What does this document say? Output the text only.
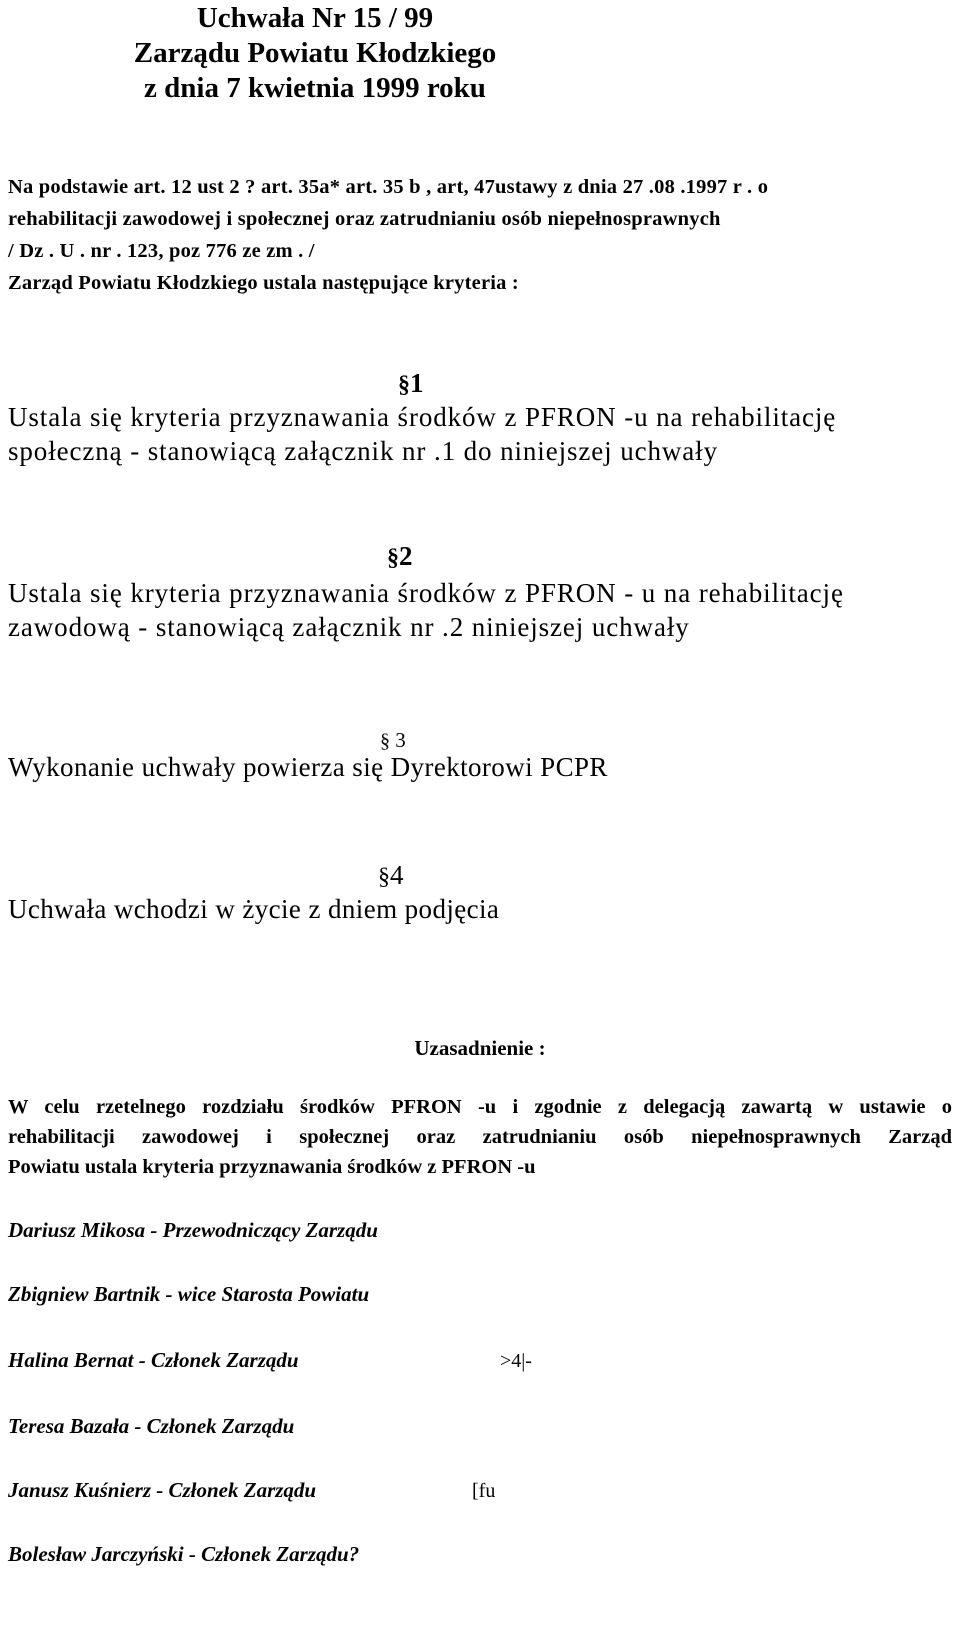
Uchwała Nr 15 / 99

Zarządu Powiatu Kłodzkiego

z dnia 7 kwietnia 1999 roku

Na podstawie art. 12 ust 2 ? art. 35a* art. 35 b , art, 47ustawy z dnia 27 .08 .1997 r . o

rehabilitacji zawodowej i społecznej oraz zatrudnianiu osób niepełnosprawnych

/ Dz . U . nr . 123, poz 776 ze zm . /

Zarząd Powiatu Kłodzkiego ustala następujące kryteria :

§1

Ustala się kryteria przyznawania środków z PFRON -u na rehabilitację

społeczną - stanowiącą załącznik nr .1 do niniejszej uchwały

§2

Ustala się kryteria przyznawania środków z PFRON - u na rehabilitację

zawodową - stanowiącą załącznik nr .2 niniejszej uchwały

§ 3

Wykonanie uchwały powierza się Dyrektorowi PCPR

§4

Uchwała wchodzi w życie z dniem podjęcia

Uzasadnienie :

W celu rzetelnego rozdziału środków PFRON -u i zgodnie z delegacją zawartą w ustawie o

rehabilitacji zawodowej i społecznej oraz zatrudnianiu osób niepełnosprawnych Zarząd

Powiatu ustala kryteria przyznawania środków z PFRON -u

Dariusz Mikosa - Przewodniczący Zarządu

Zbigniew Bartnik - wice Starosta Powiatu

Halina Bernat - Członek Zarządu	>4|-

Teresa Bazała - Członek Zarządu

Janusz Kuśnierz - Członek Zarządu	[fu

Bolesław Jarczyński - Członek Zarządu?
